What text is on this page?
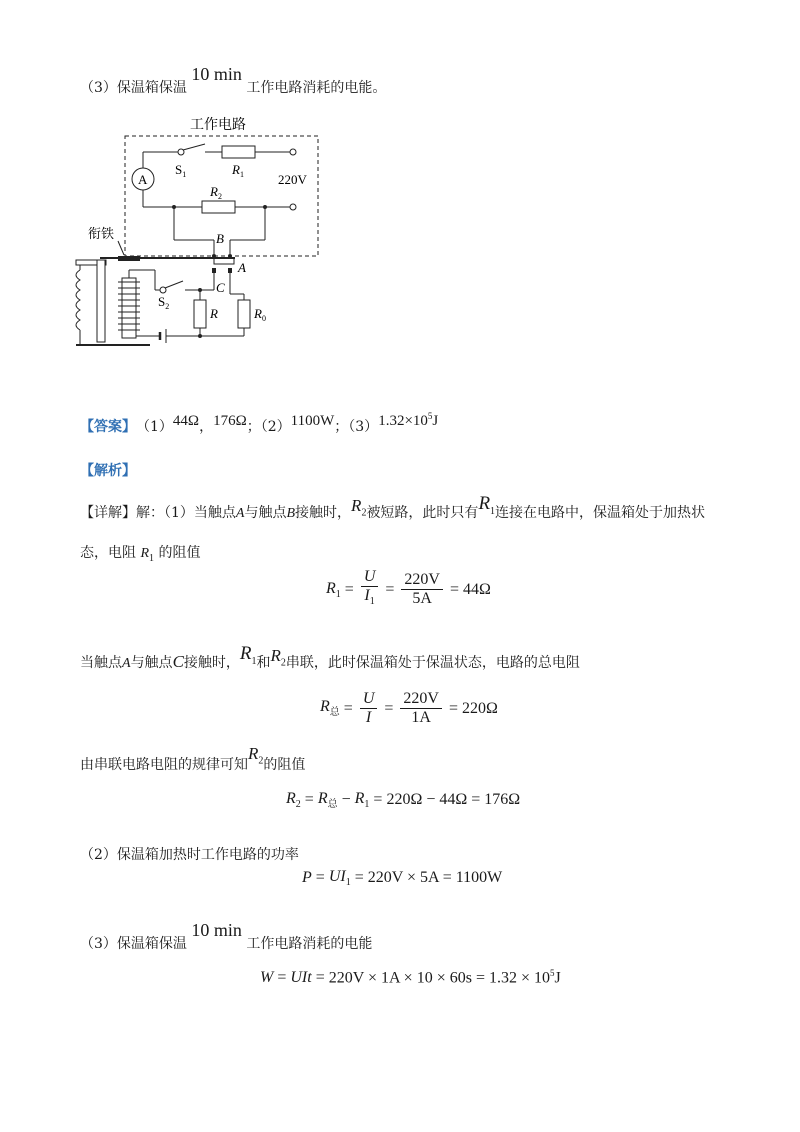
（3）保温箱保温 10 min 工作电路消耗的电能。
工作电路
$S_1$	$R_1$	220V
A
$R_2$
B
衔铁
A
$S_2$
C
R	$R_0$
【答案】 （1） 44Ω ， 176Ω ；（2） 1100W ；（3） $1.32\times 10^5J$
【解析】
【详解】 解：（1）当触点 A 与触点 B 接触时， $R_2$ 被短路，此时只有 $R_1$ 连接在电路中，保温箱处于加热状
态，电阻 $R_1$ 的阻值
$R_1 = \frac{U}{I_1} = \frac{220V}{5A} = 44\Omega$
当触点 A 与触点 C 接触时， $R_1$ 和 $R_2$ 串联，此时保温箱处于保温状态，电路的总电阻
$R_总 = \frac{U}{I} = \frac{220V}{1A} = 220\Omega$
由串联电路电阻的规律可知
$R_2$ 的阻值
$R_2 = R_总 - R_1 = 220\Omega - 44\Omega = 176\Omega$
（2）保温箱加热时工作电路的功率
$P = UI_1 = 220V \times 5A = 1100W$
（3）保温箱保温 10 min 工作电路消耗的电能
W = UIt = $220V \times 1A \times 10 \times 60s = 1.32 \times 10^5J$
